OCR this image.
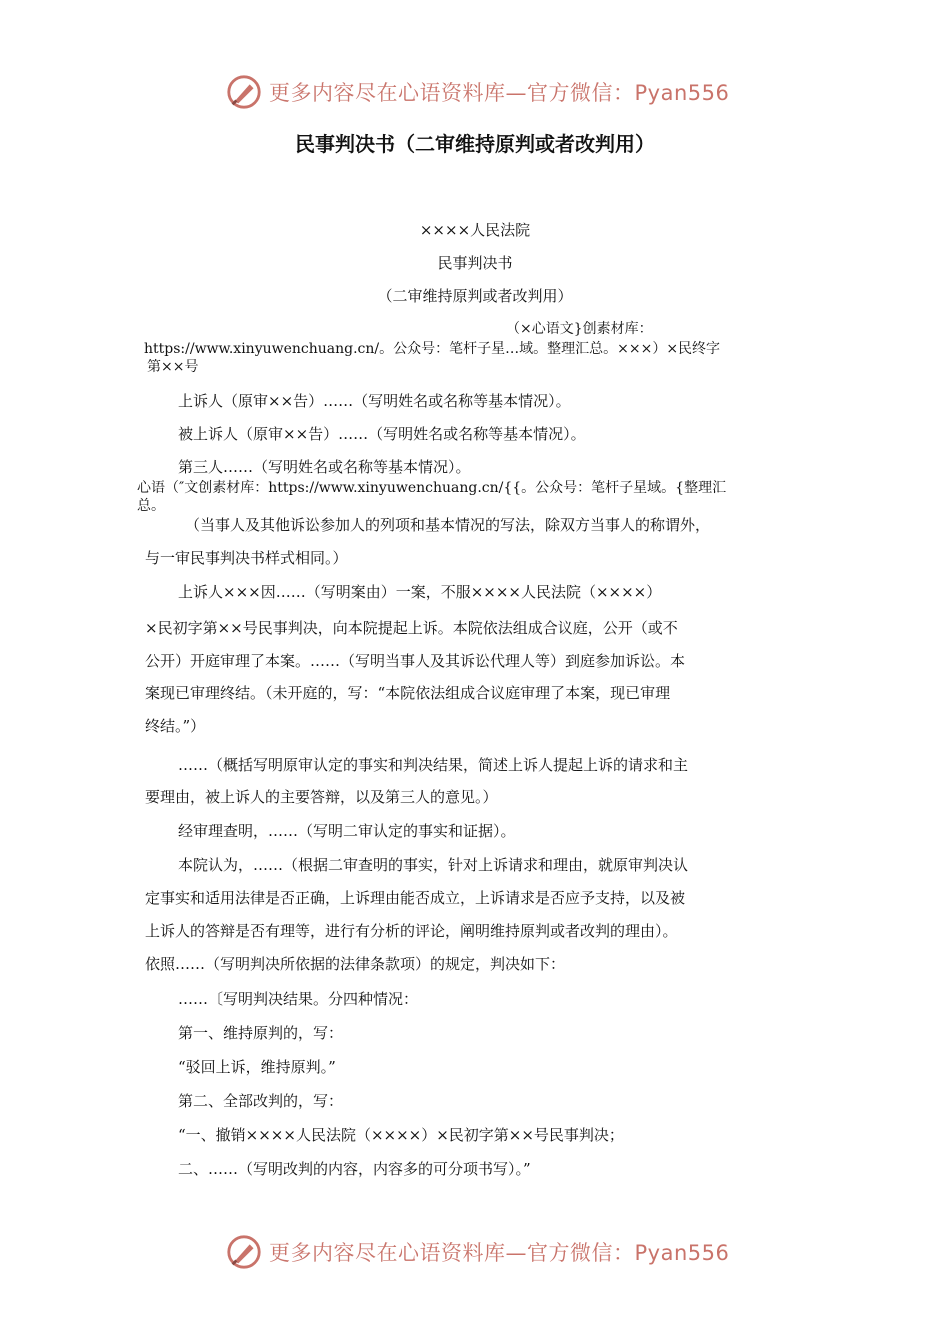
更多内容尽在心语资料库—官方微信：Pyan556
民事判决书（二审维持原判或者改判用）
××××人民法院
民事判决书
（二审维持原判或者改判用）
（×心语文}创素材库：
https://www.xinyuwenchuang.cn/。公众号：笔杆子星…域。整理汇总。×××）×民终字
第××号
上诉人（原审××告）……（写明姓名或名称等基本情况）。
被上诉人（原审××告）……（写明姓名或名称等基本情况）。
第三人……（写明姓名或名称等基本情况）。
心语（″文创素材库：https://www.xinyuwenchuang.cn/{{。公众号：笔杆子星域。{整理汇
总。
（当事人及其他诉讼参加人的列项和基本情况的写法，除双方当事人的称谓外，
与一审民事判决书样式相同。）
上诉人×××因……（写明案由）一案，不服××××人民法院（××××）
×民初字第××号民事判决，向本院提起上诉。本院依法组成合议庭，公开（或不
公开）开庭审理了本案。……（写明当事人及其诉讼代理人等）到庭参加诉讼。本
案现已审理终结。（未开庭的，写：“本院依法组成合议庭审理了本案，现已审理
终结。”）
……（概括写明原审认定的事实和判决结果，简述上诉人提起上诉的请求和主
要理由，被上诉人的主要答辩，以及第三人的意见。）
经审理查明，……（写明二审认定的事实和证据）。
本院认为，……（根据二审查明的事实，针对上诉请求和理由，就原审判决认
定事实和适用法律是否正确，上诉理由能否成立，上诉请求是否应予支持，以及被
上诉人的答辩是否有理等，进行有分析的评论，阐明维持原判或者改判的理由）。
依照……（写明判决所依据的法律条款项）的规定，判决如下：
……〔写明判决结果。分四种情况：
第一、维持原判的，写：
“驳回上诉，维持原判。”
第二、全部改判的，写：
“一、撤销××××人民法院（××××）×民初字第××号民事判决；
二、……（写明改判的内容，内容多的可分项书写）。”
更多内容尽在心语资料库—官方微信：Pyan556
